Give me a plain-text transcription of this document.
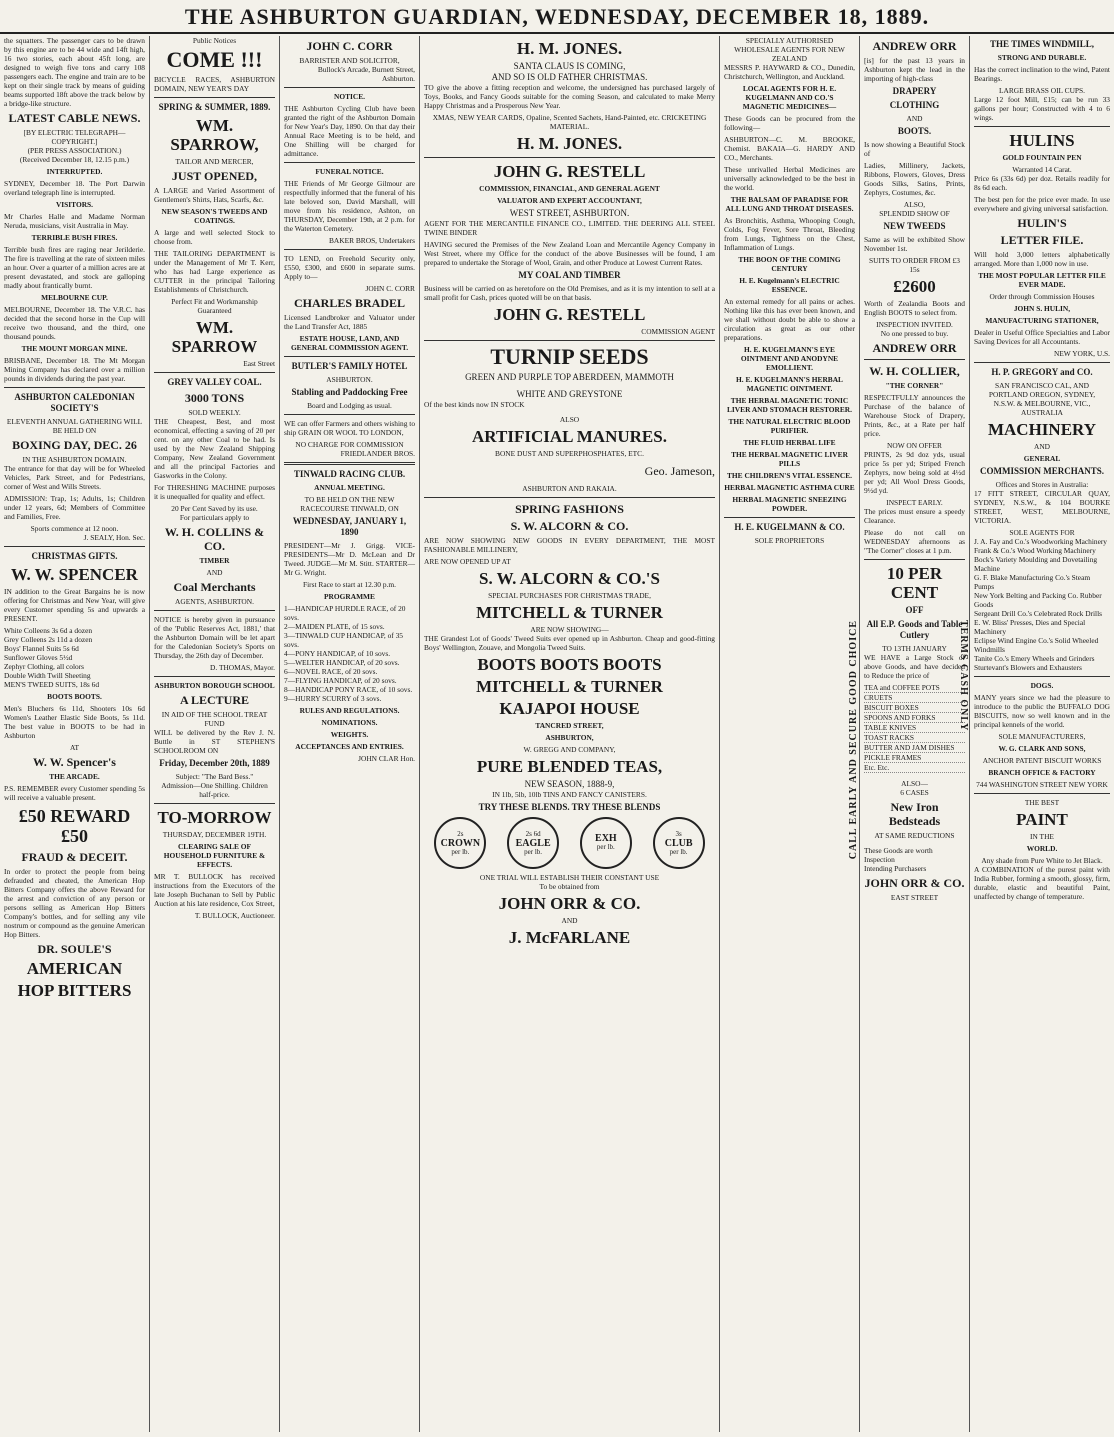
THE ASHBURTON GUARDIAN, WEDNESDAY, DECEMBER 18, 1889.

the squatters. The passenger cars to be drawn by this engine are to be 44 wide and 14ft high, 16 two stories, each about 45ft long, are designed to weigh five tons and carry 108 passengers each. The engine and train are to be kept on their single track by means of guiding beams supported 18ft above the track below by a bridge-like structure.

LATEST CABLE NEWS.
[BY ELECTRIC TELEGRAPH—COPYRIGHT.]
(PER PRESS ASSOCIATION.)
(Received December 18, 12.15 p.m.)
INTERRUPTED.

SYDNEY, December 18. The Port Darwin overland telegraph line is interrupted.

VISITORS.

Mr Charles Halle and Madame Norman Neruda, musicians, visit Australia in May.

TERRIBLE BUSH FIRES.

Terrible bush fires are raging near Jerilderie. The fire is travelling at the rate of sixteen miles an hour. Over a quarter of a million acres are at present devastated, and stock are galloping madly about frantically burnt.

MELBOURNE CUP.

MELBOURNE, December 18. The V.R.C. has decided that the second horse in the Cup will receive two thousand, and the third, one thousand pounds.

THE MOUNT MORGAN MINE.

BRISBANE, December 18. The Mt Morgan Mining Company has declared over a million pounds in dividends during the past year.

ASHBURTON CALEDONIAN SOCIETY'S
ELEVENTH ANNUAL GATHERING WILL BE HELD ON
BOXING DAY, DEC. 26
IN THE ASHBURTON DOMAIN.

The entrance for that day will be for Wheeled Vehicles, Park Street, and for Pedestrians, corner of West and Wills Streets.

ADMISSION: Trap, 1s; Adults, 1s; Children under 12 years, 6d; Members of Committee and Families, Free.

Sports commence at 12 noon.
J. SEALY, Hon. Sec.
CHRISTMAS GIFTS.
W. W. SPENCER

IN addition to the Great Bargains he is now offering for Christmas and New Year, will give every Customer spending 5s and upwards a PRESENT.

White Colleens 3s 6d a dozen
Grey Colleens 2s 11d a dozen
Boys' Flannel Suits 5s 6d
Sunflower Gloves 5½d
Zephyr Clothing, all colors
Double Width Twill Sheeting
MEN'S TWEED SUITS, 18s 6d
BOOTS BOOTS.

Men's Bluchers 6s 11d, Shooters 10s 6d Women's Leather Elastic Side Boots, 5s 11d. The best value in BOOTS to be had in Ashburton

AT
W. W. Spencer's
THE ARCADE.

P.S. REMEMBER every Customer spending 5s will receive a valuable present.

£50 REWARD £50
FRAUD & DECEIT.

In order to protect the people from being defrauded and cheated, the American Hop Bitters Company offers the above Reward for the arrest and conviction of any person or persons selling as American Hop Bitters Company's bottles, and for selling any vile nostrum or compound as the genuine American Hop Bitters.

DR. SOULE'S
AMERICAN
HOP BITTERS
Public Notices
COME !!!

BICYCLE RACES, ASHBURTON DOMAIN, NEW YEAR'S DAY

SPRING & SUMMER, 1889.
WM. SPARROW,
TAILOR AND MERCER,
JUST OPENED,

A LARGE and Varied Assortment of Gentlemen's Shirts, Hats, Scarfs, &c.

NEW SEASON'S TWEEDS AND COATINGS.

A large and well selected Stock to choose from.

THE TAILORING DEPARTMENT is under the Management of Mr T. Kerr, who has had Large experience as CUTTER in the principal Tailoring Establishments of Christchurch.

Perfect Fit and Workmanship Guaranteed
WM. SPARROW
East Street
GREY VALLEY COAL.
3000 TONS
SOLD WEEKLY.

THE Cheapest, Best, and most economical, effecting a saving of 20 per cent. on any other Coal to be had. Is used by the New Zealand Shipping Company, New Zealand Government and all the principal Factories and Gasworks in the Colony.

For THRESHING MACHINE purposes it is unequalled for quality and effect.

20 Per Cent Saved by its use.
For particulars apply to
W. H. COLLINS & CO.
TIMBER
AND
Coal Merchants
AGENTS, ASHBURTON.

NOTICE is hereby given in pursuance of the 'Public Reserves Act, 1881,' that the Ashburton Domain will be let apart for the Caledonian Society's Sports on Thursday, the 26th day of December.

D. THOMAS, Mayor.
ASHBURTON BOROUGH SCHOOL
A LECTURE
IN AID OF THE SCHOOL TREAT FUND

WILL be delivered by the Rev J. N. Buttle in ST STEPHEN'S SCHOOLROOM ON

Friday, December 20th, 1889
Subject: "The Bard Bess."
Admission—One Shilling. Children half-price.
TO-MORROW
THURSDAY, DECEMBER 19TH.
CLEARING SALE OF HOUSEHOLD FURNITURE & EFFECTS.

MR T. BULLOCK has received instructions from the Executors of the late Joseph Buchanan to Sell by Public Auction at his late residence, Cox Street,

T. BULLOCK, Auctioneer.
JOHN C. CORR
BARRISTER AND SOLICITOR,
Bullock's Arcade, Burnett Street, Ashburton.
NOTICE.

THE Ashburton Cycling Club have been granted the right of the Ashburton Domain for New Year's Day, 1890. On that day their Annual Race Meeting is to be held, and One Shilling will be charged for admittance.

FUNERAL NOTICE.

THE Friends of Mr George Gilmour are respectfully informed that the funeral of his late beloved son, David Marshall, will move from his residence, Ashton, on THURSDAY, December 19th, at 2 p.m. for the Waterton Cemetery.

BAKER BROS, Undertakers

TO LEND, on Freehold Security only, £550, £300, and £600 in separate sums. Apply to—

JOHN C. CORR
CHARLES BRADEL

Licensed Landbroker and Valuator under the Land Transfer Act, 1885

ESTATE HOUSE, LAND, AND GENERAL COMMISSION AGENT.
BUTLER'S FAMILY HOTEL
ASHBURTON.
Stabling and Paddocking Free
Board and Lodging as usual.

WE can offer Farmers and others wishing to ship GRAIN OR WOOL TO LONDON,

NO CHARGE FOR COMMISSION
FRIEDLANDER BROS.
TINWALD RACING CLUB.
ANNUAL MEETING.
TO BE HELD ON THE NEW RACECOURSE TINWALD, ON
WEDNESDAY, JANUARY 1, 1890

PRESIDENT—Mr J. Grigg. VICE-PRESIDENTS—Mr D. McLean and Dr Tweed. JUDGE—Mr M. Stitt. STARTER—Mr G. Wright.

First Race to start at 12.30 p.m.
PROGRAMME
1—HANDICAP HURDLE RACE, of 20 sovs.
2—MAIDEN PLATE, of 15 sovs.
3—TINWALD CUP HANDICAP, of 35 sovs.
4—PONY HANDICAP, of 10 sovs.
5—WELTER HANDICAP, of 20 sovs.
6—NOVEL RACE, of 20 sovs.
7—FLYING HANDICAP, of 20 sovs.
8—HANDICAP PONY RACE, of 10 sovs.
9—HURRY SCURRY of 3 sovs.
RULES AND REGULATIONS.
NOMINATIONS.
WEIGHTS.
ACCEPTANCES AND ENTRIES.
JOHN CLAR Hon.
H. M. JONES.
SANTA CLAUS IS COMING,
AND SO IS OLD FATHER CHRISTMAS.

TO give the above a fitting reception and welcome, the undersigned has purchased largely of Toys, Books, and Fancy Goods suitable for the coming Season, and calculated to make Merry Happy Christmas and a Prosperous New Year.

XMAS, NEW YEAR CARDS, Opaline, Scented Sachets, Hand-Painted, etc. CRICKETING MATERIAL.
H. M. JONES.
JOHN G. RESTELL
COMMISSION, FINANCIAL, AND GENERAL AGENT
VALUATOR AND EXPERT ACCOUNTANT,
WEST STREET, ASHBURTON.

AGENT FOR THE MERCANTILE FINANCE CO., LIMITED. THE DEERING ALL STEEL TWINE BINDER

HAVING secured the Premises of the New Zealand Loan and Mercantile Agency Company in West Street, where my Office for the conduct of the above Businesses will be found, I am prepared to undertake the Storage of Wool, Grain, and other Produce at Lowest Current Rates.

MY COAL AND TIMBER

Business will be carried on as heretofore on the Old Premises, and as it is my intention to sell at a small profit for Cash, prices quoted will be on that basis.

JOHN G. RESTELL
COMMISSION AGENT
TURNIP SEEDS
GREEN AND PURPLE TOP ABERDEEN, MAMMOTH
WHITE AND GREYSTONE
Of the best kinds now IN STOCK
ALSO
ARTIFICIAL MANURES.
BONE DUST AND SUPERPHOSPHATES, ETC.
Geo. Jameson,
ASHBURTON AND RAKAIA.
SPRING FASHIONS
S. W. ALCORN & CO.

ARE NOW SHOWING NEW GOODS IN EVERY DEPARTMENT, THE MOST FASHIONABLE MILLINERY,

ARE NOW OPENED UP AT
S. W. ALCORN & CO.'S
SPECIAL PURCHASES FOR CHRISTMAS TRADE,
MITCHELL & TURNER
ARE NOW SHOWING—

THE Grandest Lot of Goods' Tweed Suits ever opened up in Ashburton. Cheap and good-fitting Boys' Wellington, Zouave, and Mongolia Tweed Suits.

BOOTS BOOTS BOOTS
MITCHELL & TURNER
KAJAPOI HOUSE
TANCRED STREET,
ASHBURTON,
W. GREGG AND COMPANY,
PURE BLENDED TEAS,
NEW SEASON, 1888-9,
IN 1lb, 5lb, 10lb TINS AND FANCY CANISTERS.
TRY THESE BLENDS. TRY THESE BLENDS
2s
CROWN
per lb.
2s 6d
EAGLE
per lb.
EXH
per lb.
3s
CLUB
per lb.
ONE TRIAL WILL ESTABLISH THEIR CONSTANT USE
To be obtained from
JOHN ORR & CO.
AND
J. McFARLANE
SPECIALLY AUTHORISED WHOLESALE AGENTS FOR NEW ZEALAND

MESSRS P. HAYWARD & CO., Dunedin, Christchurch, Wellington, and Auckland.

LOCAL AGENTS FOR H. E. KUGELMANN AND CO.'S MAGNETIC MEDICINES—

These Goods can be procured from the following—

ASHBURTON—C. M. BROOKE, Chemist. BAKAIA—G. HARDY AND CO., Merchants.

These unrivalled Herbal Medicines are universally acknowledged to be the best in the world.

THE BALSAM OF PARADISE FOR ALL LUNG AND THROAT DISEASES.

As Bronchitis, Asthma, Whooping Cough, Colds, Fog Fever, Sore Throat, Bleeding from Lungs, Tightness on the Chest, Inflammation of Lungs.

THE BOON OF THE COMING CENTURY
H. E. Kugelmann's ELECTRIC ESSENCE.

An external remedy for all pains or aches. Nothing like this has ever been known, and we shall without doubt be able to show a circulation as great as our other preparations.

H. E. KUGELMANN'S EYE OINTMENT AND ANODYNE EMOLLIENT.
H. E. KUGELMANN'S HERBAL MAGNETIC OINTMENT.
THE HERBAL MAGNETIC TONIC LIVER AND STOMACH RESTORER.
THE NATURAL ELECTRIC BLOOD PURIFIER.
THE FLUID HERBAL LIFE
THE HERBAL MAGNETIC LIVER PILLS
THE CHILDREN'S VITAL ESSENCE.
HERBAL MAGNETIC ASTHMA CURE
HERBAL MAGNETIC SNEEZING POWDER.
H. E. KUGELMANN & CO.
SOLE PROPRIETORS
ANDREW ORR

[is] for the past 13 years in Ashburton kept the lead in the importing of high-class

DRAPERY
CLOTHING
AND
BOOTS.

Is now showing a Beautiful Stock of

Ladies, Millinery, Jackets, Ribbons, Flowers, Gloves, Dress Goods Silks, Satins, Prints, Zephyrs, Costumes, &c.

ALSO,
SPLENDID SHOW OF
NEW TWEEDS

Same as will be exhibited Show November 1st.

SUITS TO ORDER FROM £3 15s
£2600

Worth of Zealandia Boots and English BOOTS to select from.

INSPECTION INVITED.
No one pressed to buy.
ANDREW ORR
W. H. COLLIER,
"THE CORNER"

RESPECTFULLY announces the Purchase of the balance of Warehouse Stock of Drapery, Prints, &c., at a Rate per half price.

NOW ON OFFER

PRINTS, 2s 9d doz yds, usual price 5s per yd; Striped French Zephyrs, now being sold at 4½d per yd; All Wool Dress Goods, 9½d yd.

INSPECT EARLY.

The prices must ensure a speedy Clearance.

Please do not call on WEDNESDAY afternoons as "The Corner" closes at 1 p.m.

10 PER CENT
OFF
All E.P. Goods and Table Cutlery
TO 13TH JANUARY

WE HAVE a Large Stock of above Goods, and have decided to Reduce the price of

TEA and COFFEE POTS
CRUETS
BISCUIT BOXES
SPOONS AND FORKS
TABLE KNIVES
TOAST RACKS
BUTTER AND JAM DISHES
PICKLE FRAMES
Etc. Etc.
ALSO—
6 CASES
New Iron Bedsteads
AT SAME REDUCTIONS
These Goods are worth Inspection
Intending Purchasers
JOHN ORR & CO.
EAST STREET
CALL EARLY AND SECURE GOOD CHOICE	TERMS CASH ONLY
THE TIMES WINDMILL,
STRONG AND DURABLE.

Has the correct inclination to the wind, Patent Bearings.

LARGE BRASS OIL CUPS.

Large 12 foot Mill, £15; can be run 33 gallons per hour; Constructed with 4 to 6 wings.

HULINS
GOLD FOUNTAIN PEN
Warranted 14 Carat.

Price 6s (33s 6d) per doz. Retails readily for 8s 6d each.

The best pen for the price ever made. In use everywhere and giving universal satisfaction.

HULIN'S
LETTER FILE.

Will hold 3,000 letters alphabetically arranged. More than 1,000 now in use.

THE MOST POPULAR LETTER FILE EVER MADE.
Order through Commission Houses
JOHN S. HULIN,
MANUFACTURING STATIONER,

Dealer in Useful Office Specialties and Labor Saving Devices for all Accountants.

NEW YORK, U.S.
H. P. GREGORY and CO.
SAN FRANCISCO CAL, AND
PORTLAND OREGON, SYDNEY,
N.S.W. & MELBOURNE, VIC.,
AUSTRALIA
MACHINERY
AND
GENERAL
COMMISSION MERCHANTS.
Offices and Stores in Australia:

17 FITT STREET, CIRCULAR QUAY, SYDNEY, N.S.W., & 104 BOURKE STREET, WEST, MELBOURNE, VICTORIA.

SOLE AGENTS FOR
J. A. Fay and Co.'s Woodworking Machinery
Frank & Co.'s Wood Working Machinery
Bock's Variety Moulding and Dovetailing Machine
G. F. Blake Manufacturing Co.'s Steam Pumps
New York Belting and Packing Co. Rubber Goods
Sergeant Drill Co.'s Celebrated Rock Drills
E. W. Bliss' Presses, Dies and Special Machinery
Eclipse Wind Engine Co.'s Solid Wheeled Windmills
Tanite Co.'s Emery Wheels and Grinders
Sturtevant's Blowers and Exhausters
DOGS.

MANY years since we had the pleasure to introduce to the public the BUFFALO DOG BISCUITS, now so well known and in the principal kennels of the world.

SOLE MANUFACTURERS,
W. G. CLARK AND SONS,
ANCHOR PATENT BISCUIT WORKS
BRANCH OFFICE & FACTORY
744 WASHINGTON STREET NEW YORK
THE BEST
PAINT
IN THE
WORLD.
Any shade from Pure White to Jet Black.

A COMBINATION of the purest paint with India Rubber, forming a smooth, glossy, firm, durable, elastic and beautiful Paint, unaffected by change of temperature.
